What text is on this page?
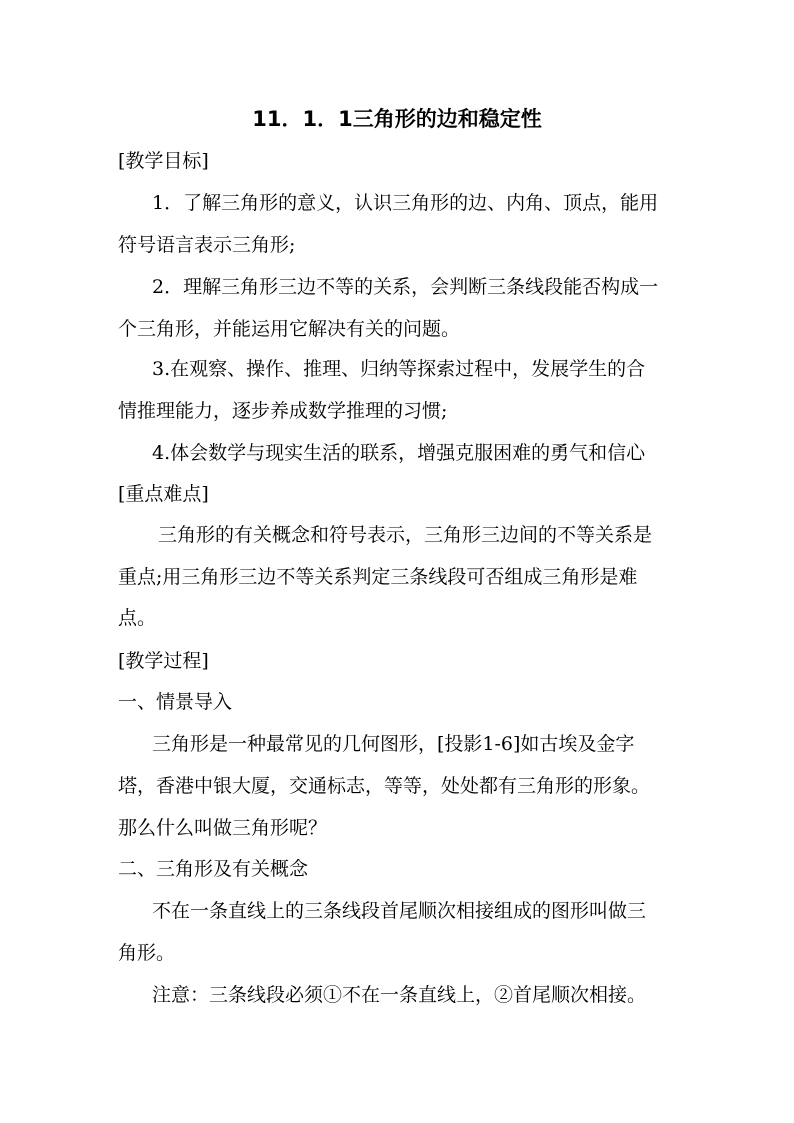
11．1．1三角形的边和稳定性
[教学目标]
1．了解三角形的意义，认识三角形的边、内角、顶点，能用
符号语言表示三角形;
2．理解三角形三边不等的关系，会判断三条线段能否构成一
个三角形，并能运用它解决有关的问题。
3.在观察、操作、推理、归纳等探索过程中，发展学生的合
情推理能力，逐步养成数学推理的习惯;
4.体会数学与现实生活的联系，增强克服困难的勇气和信心
[重点难点]
三角形的有关概念和符号表示，三角形三边间的不等关系是
重点;用三角形三边不等关系判定三条线段可否组成三角形是难
点。
[教学过程]
一、情景导入
三角形是一种最常见的几何图形，[投影1-6]如古埃及金字
塔，香港中银大厦，交通标志，等等，处处都有三角形的形象。
那么什么叫做三角形呢？
二、三角形及有关概念
不在一条直线上的三条线段首尾顺次相接组成的图形叫做三
角形。
注意：三条线段必须①不在一条直线上，②首尾顺次相接。
